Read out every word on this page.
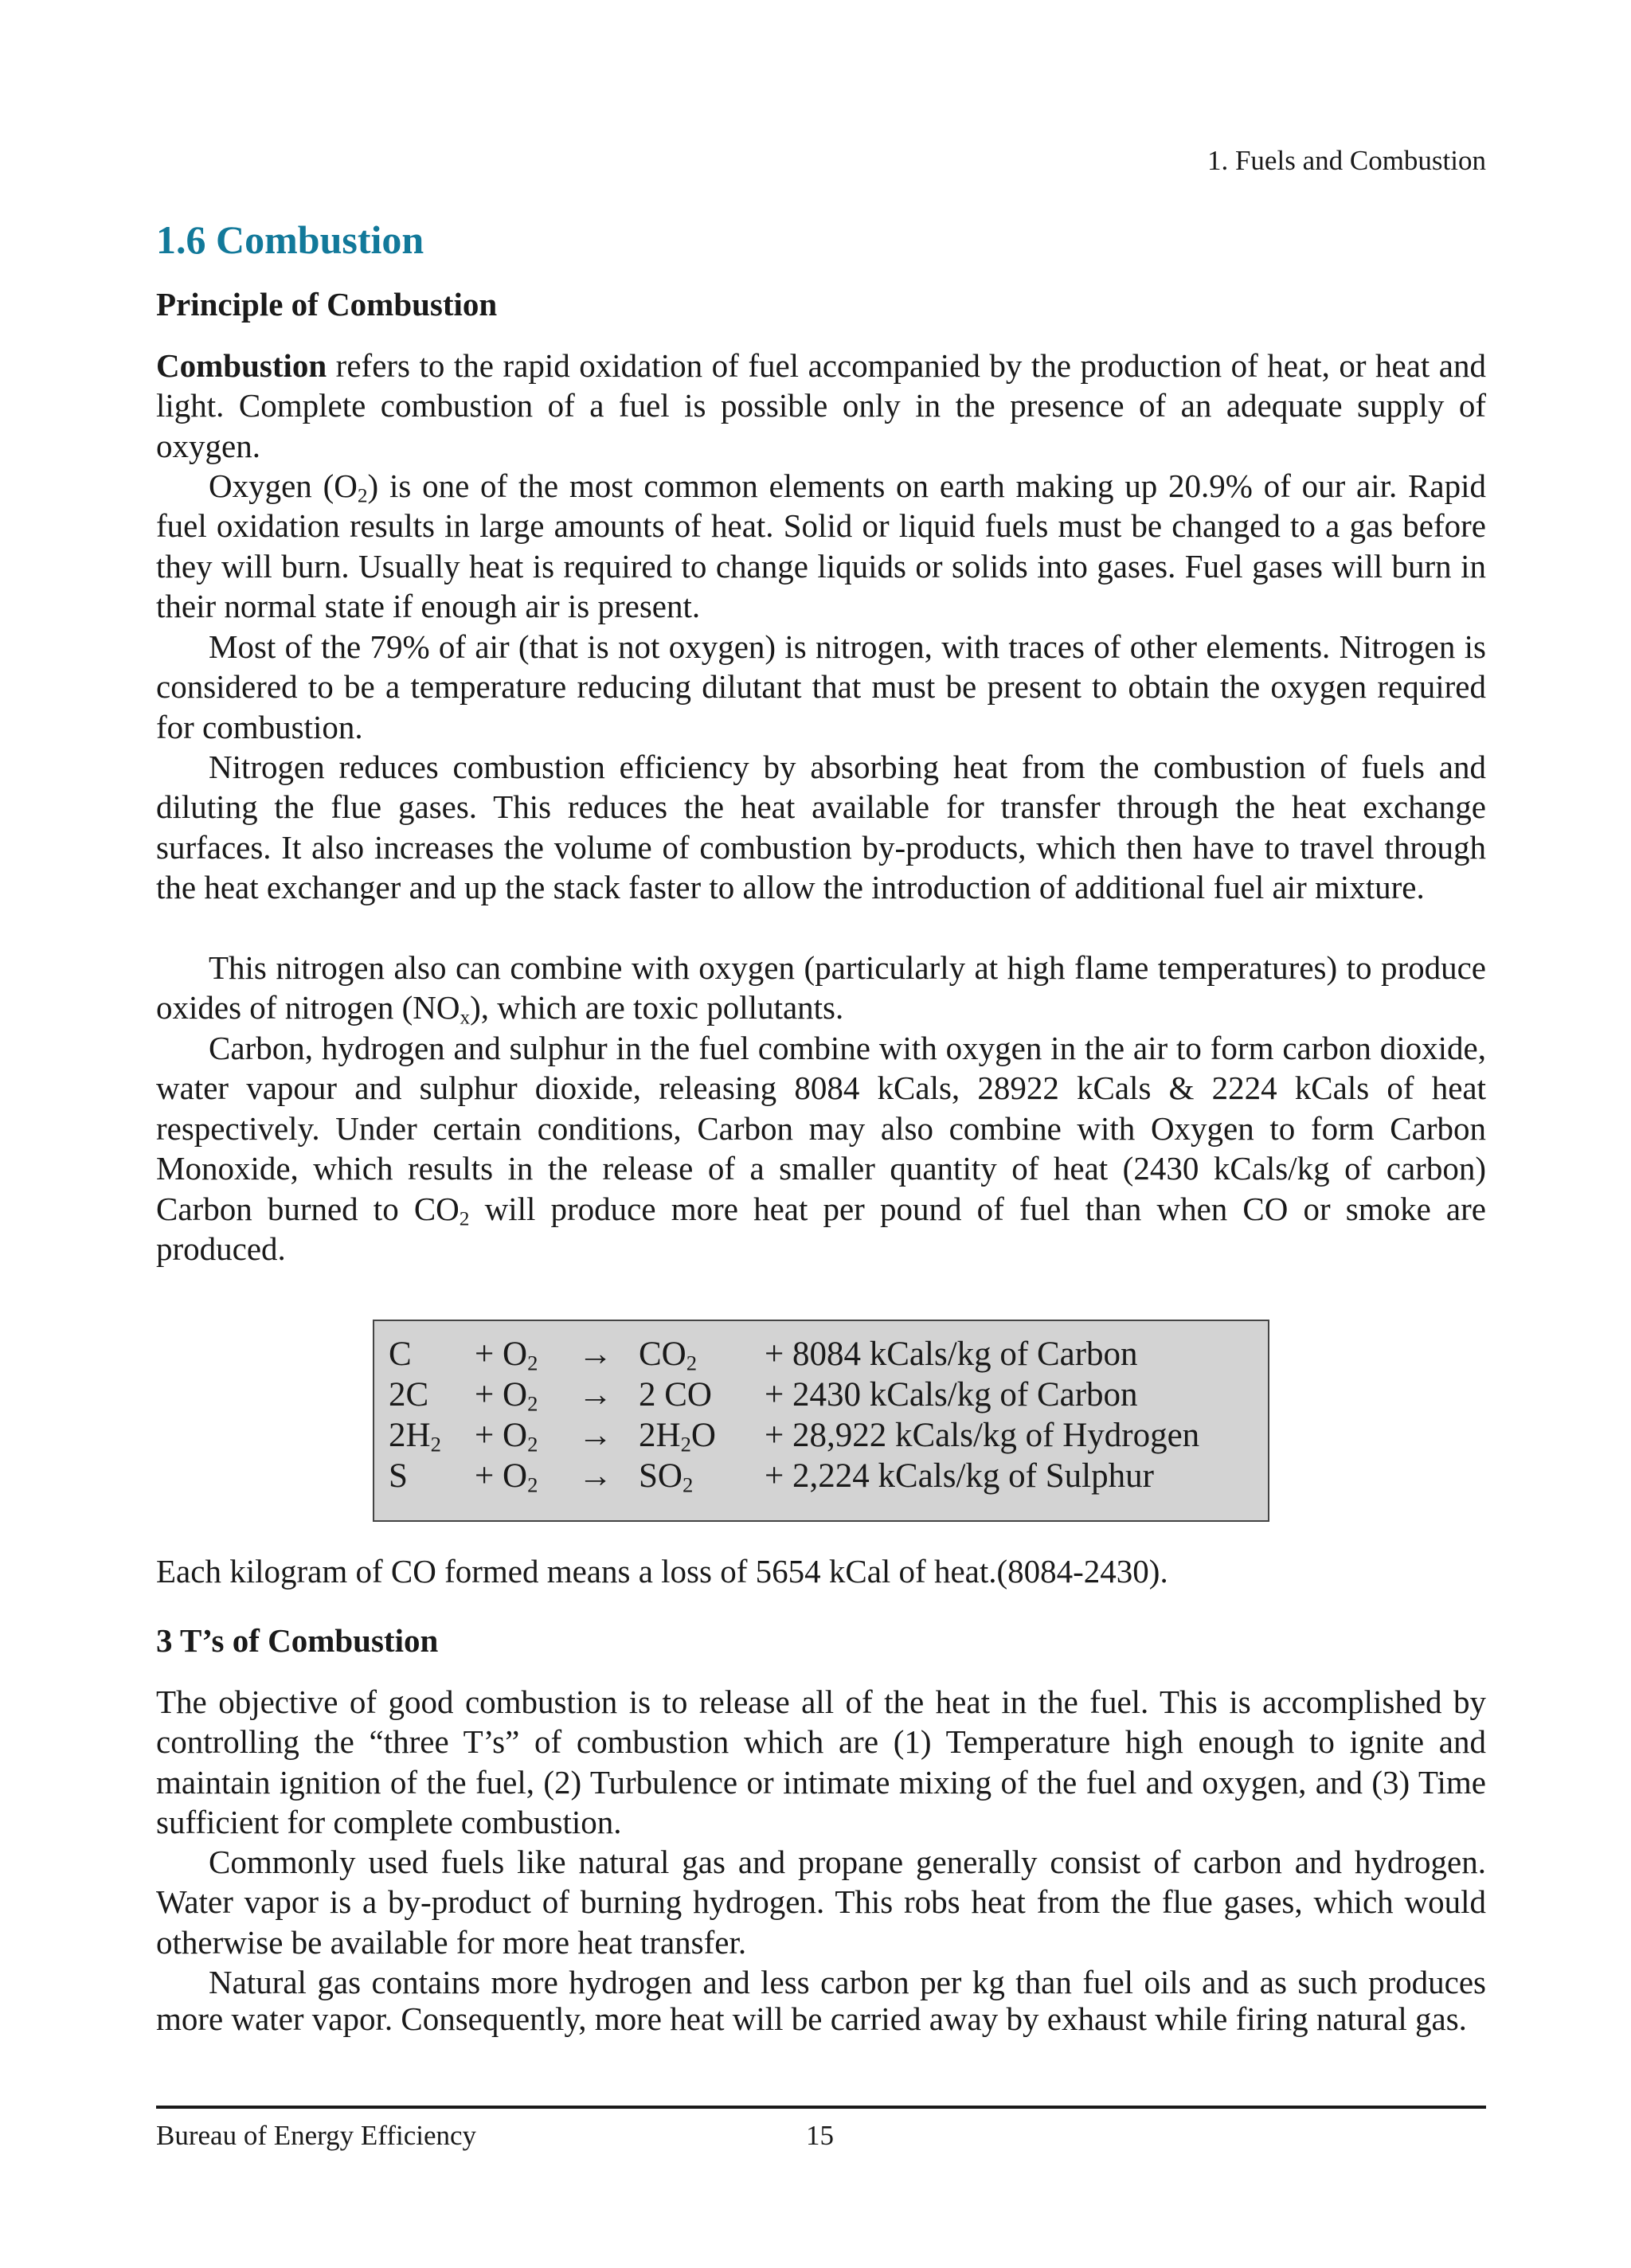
1. Fuels and Combustion
1.6 Combustion
Principle of Combustion

Combustion refers to the rapid oxidation of fuel accompanied by the production of heat, or heat and light. Complete combustion of a fuel is possible only in the presence of an adequate supply of oxygen.

Oxygen $(O_2)$ is one of the most common elements on earth making up 20.9% of our air. Rapid fuel oxidation results in large amounts of heat. Solid or liquid fuels must be changed to a gas before they will burn. Usually heat is required to change liquids or solids into gases. Fuel gases will burn in their normal state if enough air is present.

Most of the 79% of air (that is not oxygen) is nitrogen, with traces of other elements. Nitrogen is considered to be a temperature reducing dilutant that must be present to obtain the oxygen required for combustion.

Nitrogen reduces combustion efficiency by absorbing heat from the combustion of fuels and diluting the flue gases. This reduces the heat available for transfer through the heat exchange surfaces. It also increases the volume of combustion by-products, which then have to travel through the heat exchanger and up the stack faster to allow the introduction of additional fuel air mixture.

This nitrogen also can combine with oxygen (particularly at high flame temperatures) to produce oxides of nitrogen $(NO_x)$, which are toxic pollutants.

Carbon, hydrogen and sulphur in the fuel combine with oxygen in the air to form carbon dioxide, water vapour and sulphur dioxide, releasing 8084 kCals, 28922 kCals & 2224 kCals of heat respectively. Under certain conditions, Carbon may also combine with Oxygen to form Carbon Monoxide, which results in the release of a smaller quantity of heat (2430 kCals/kg of carbon) Carbon burned to $CO_2$ will produce more heat per pound of fuel than when CO or smoke are produced.

$C + O_2 \to CO_2 + 8084$ kCals/kg of Carbon
$2C + O_2 \to 2$ CO + 2430 kCals/kg of Carbon
$2H_2 + O_2 \to 2H_2O + 28,922$ kCals/kg of Hydrogen
$S + O_2 \to SO_2 + 2,224$ kCals/kg of Sulphur

Each kilogram of CO formed means a loss of 5654 kCal of heat.(8084-2430).

3 T’s of Combustion

The objective of good combustion is to release all of the heat in the fuel. This is accomplished by controlling the “three T’s” of combustion which are (1) Temperature high enough to ignite and maintain ignition of the fuel, (2) Turbulence or intimate mixing of the fuel and oxygen, and (3) Time sufficient for complete combustion.

Commonly used fuels like natural gas and propane generally consist of carbon and hydrogen. Water vapor is a by-product of burning hydrogen. This robs heat from the flue gases, which would otherwise be available for more heat transfer.

Natural gas contains more hydrogen and less carbon per kg than fuel oils and as such produces more water vapor. Consequently, more heat will be carried away by exhaust while firing natural gas.

Bureau of Energy Efficiency	15
